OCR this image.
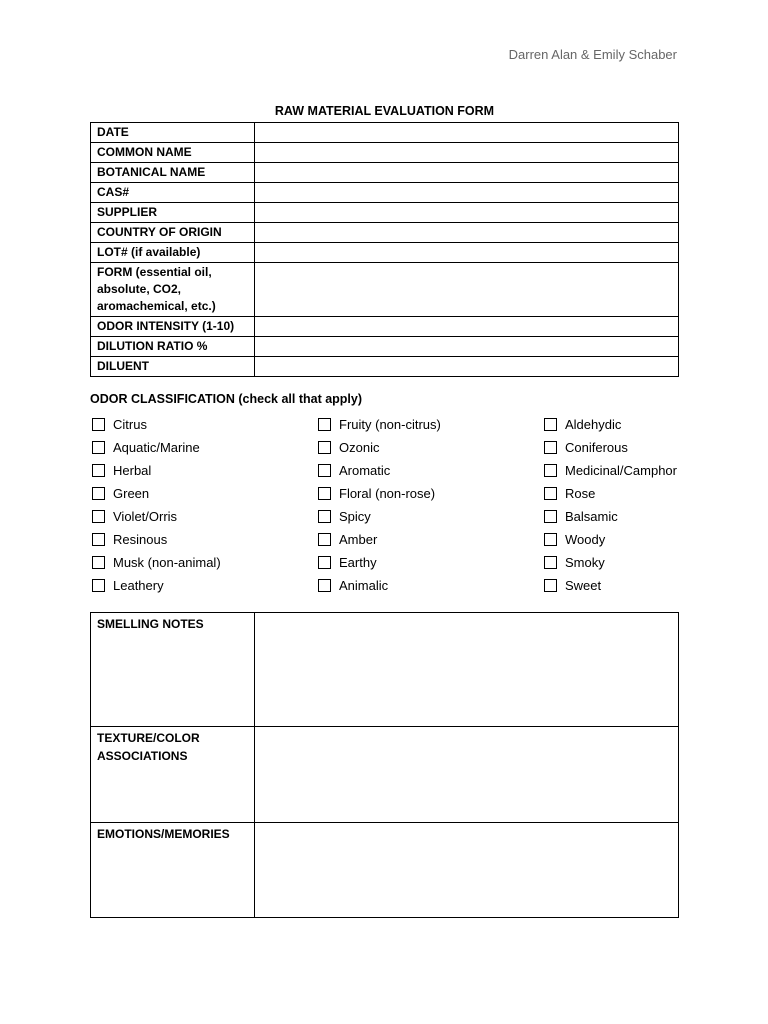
Darren Alan & Emily Schaber
RAW MATERIAL EVALUATION FORM
DATE	
COMMON NAME	
BOTANICAL NAME	
CAS#	
SUPPLIER	
COUNTRY OF ORIGIN	
LOT# (if available)	
FORM (essential oil, absolute, CO2, aromachemical, etc.)	
ODOR INTENSITY (1-10)	
DILUTION RATIO %	
DILUENT	
ODOR CLASSIFICATION (check all that apply)
Citrus	Fruity (non-citrus)	Aldehydic
Aquatic/Marine	Ozonic	Coniferous
Herbal	Aromatic	Medicinal/Camphor
Green	Floral (non-rose)	Rose
Violet/Orris	Spicy	Balsamic
Resinous	Amber	Woody
Musk (non-animal)	Earthy	Smoky
Leathery	Animalic	Sweet
SMELLING NOTES	
TEXTURE/COLOR ASSOCIATIONS	
EMOTIONS/MEMORIES	
